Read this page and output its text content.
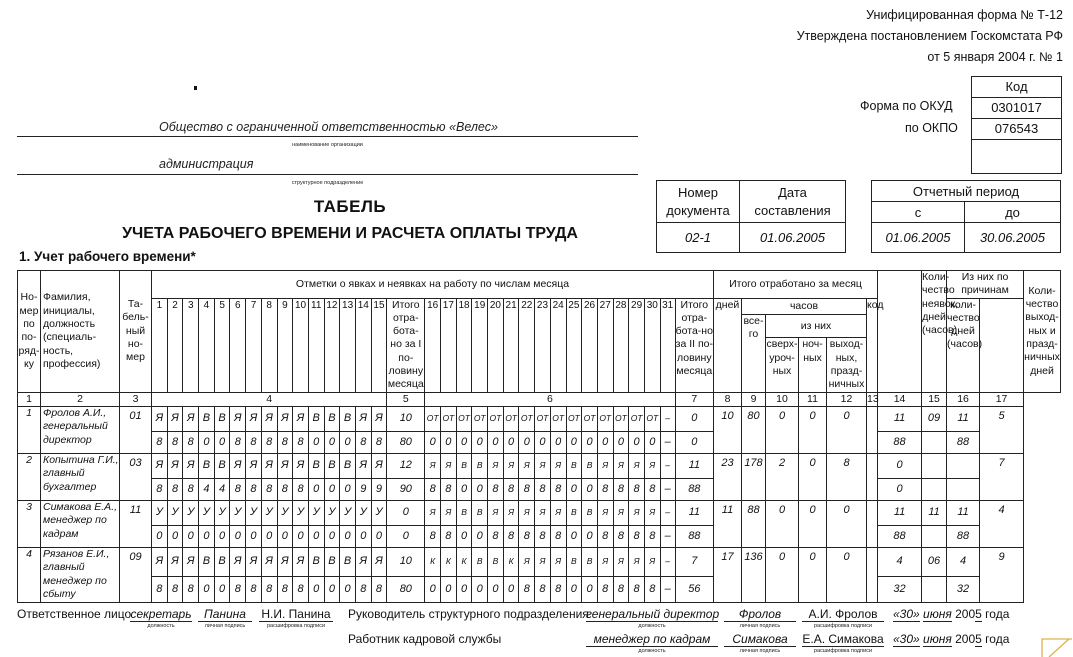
Унифицированная форма № Т-12
Утверждена постановлением Госкомстата РФ
от 5 января 2004 г. № 1
Код
0301017
076543
Форма по ОКУД
по ОКПО
Общество с ограниченной ответственностью «Велес»
наименование организации
администрация
структурное подразделение
ТАБЕЛЬ
УЧЕТА РАБОЧЕГО ВРЕМЕНИ И РАСЧЕТА ОПЛАТЫ ТРУДА
1. Учет рабочего времени*
Номер документа	Дата составления
02-1	01.06.2005
Отчетный период	
с	до
01.06.2005	30.06.2005
Но-мер по по-ряд-ку	Фамилия, инициалы, должность (специаль-ность, профессия)	Та-бель-ный но-мер	Отметки о явках и неявках на работу по числам месяца																																	Итого отработано за месяц							Коли-чество неявок, дней (часов)	Из них по причинам		Коли-чество выход-ных и празд-ничных дней
			1	2	3	4	5	6	7	8	9	10	11	12	13	14	15	Итого отра-бота-но за I по-ловину месяца	16	17	18	19	20	21	22	23	24	25	26	27	28	29	30	31	Итого отра-бота-но за II по-ловину месяца	дней	часов				код			коли-чество дней (часов)		
																																					все-го	из них								
																																						сверх-уроч-ных	ноч-ных	выход-ных, празд-ничных						
1	2	3	4															5	6																7	8	9	10	11	12	13	14	15	16	17	
1	Фролов А.И., генеральный директор	01	Я	Я	Я	В	В	Я	Я	Я	Я	Я	В	В	В	Я	Я	10	ОТ	ОТ	ОТ	ОТ	ОТ	ОТ	ОТ	ОТ	ОТ	ОТ	ОТ	ОТ	ОТ	ОТ	ОТ	–	0	10	80	0	0	0		11	09	11	5	
			8	8	8	0	0	8	8	8	8	8	0	0	0	8	8	80	0	0	0	0	0	0	0	0	0	0	0	0	0	0	0	–	0							88		88		
2	Копытина Г.И., главный бухгалтер	03	Я	Я	Я	В	В	Я	Я	Я	Я	Я	В	В	В	Я	Я	12	Я	Я	В	В	Я	Я	Я	Я	Я	В	В	Я	Я	Я	Я	–	11	23	178	2	0	8		0			7	
			8	8	8	4	4	8	8	8	8	8	0	0	0	9	9	90	8	8	0	0	8	8	8	8	8	0	0	8	8	8	8	–	88							0				
3	Симакова Е.А., менеджер по кадрам	11	У	У	У	У	У	У	У	У	У	У	У	У	У	У	У	0	Я	Я	В	В	Я	Я	Я	Я	Я	В	В	Я	Я	Я	Я	–	11	11	88	0	0	0		11	11	11	4	
			0	0	0	0	0	0	0	0	0	0	0	0	0	0	0	0	8	8	0	0	8	8	8	8	8	0	0	8	8	8	8	–	88							88		88		
4	Рязанов Е.И., главный менеджер по сбыту	09	Я	Я	Я	В	В	Я	Я	Я	Я	Я	В	В	В	Я	Я	10	К	К	К	В	В	К	Я	Я	Я	В	В	Я	Я	Я	Я	–	7	17	136	0	0	0		4	06	4	9	
			8	8	8	0	0	8	8	8	8	8	0	0	0	8	8	80	0	0	0	0	0	0	8	8	8	0	0	8	8	8	8	–	56							32		32		
Ответственное лицо секретарь
должность
Панина
личная подпись
Н.И. Панина
расшифровка подписи
Руководитель структурного подразделения
генеральный директор
должность
Фролов
личная подпись
А.И. Фролов
расшифровка подписи
«30» июня 2005 года
Работник кадровой службы	менеджер по кадрам
должность
Симакова
личная подпись
Е.А. Симакова
расшифровка подписи
«30» июня 2005 года
